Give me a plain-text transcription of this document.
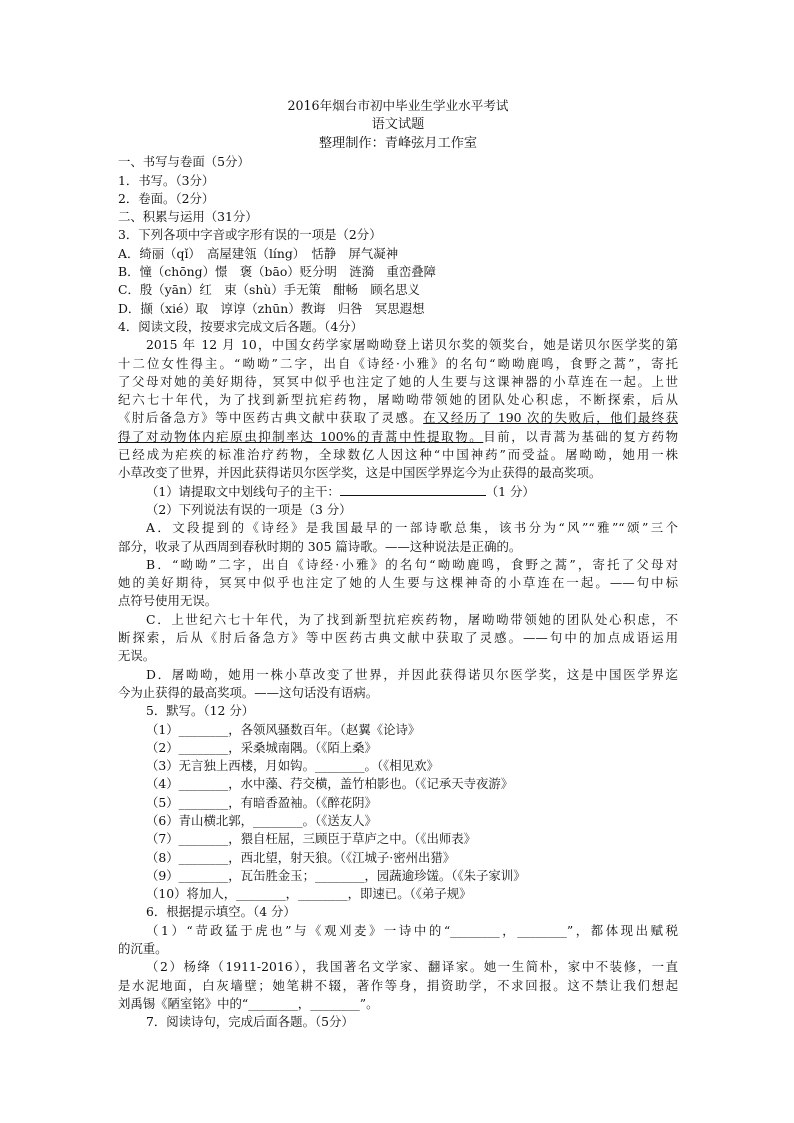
2016年烟台市初中毕业生学业水平考试
语文试题
整理制作：青峰弦月工作室
一、书写与卷面（5分）
1．书写。（3分）
2．卷面。（2分）
二、积累与运用（31分）
3．下列各项中字音或字形有误的一项是（2分）
A．绮丽（qǐ）　高屋建瓴（líng）　恬静　屏气凝神
B．憧（chōng）憬　褒（bāo）贬分明　涟漪　重峦叠障
C．殷（yān）红　束（shù）手无策　酣畅　顾名思义
D．撷（xié）取　谆谆（zhūn）教诲　归咎　冥思遐想
4．阅读文段，按要求完成文后各题。（4分）
2015 年 12 月 10，中国女药学家屠呦呦登上诺贝尔奖的领奖台，她是诺贝尔医学奖的第
十二位女性得主。“呦呦”二字，出自《诗经·小雅》的名句“呦呦鹿鸣，食野之蒿”，寄托
了父母对她的美好期待，冥冥中似乎也注定了她的人生要与这课神器的小草连在一起。上世
纪六七十年代，为了找到新型抗疟药物，屠呦呦带领她的团队处心积虑，不断探索，后从
《肘后备急方》等中医药古典文献中获取了灵感。在又经历了 190 次的失败后，他们最终获
得了对动物体内疟原虫抑制率达 100%的青蒿中性提取物。目前，以青蒿为基础的复方药物
已经成为疟疾的标准治疗药物，全球数亿人因这种“中国神药”而受益。屠呦呦，她用一株
小草改变了世界，并因此获得诺贝尔医学奖，这是中国医学界迄今为止获得的最高奖项。
（1）请提取文中划线句子的主干：	（1 分）
（2）下列说法有误的一项是（3 分）
A．文段提到的《诗经》是我国最早的一部诗歌总集，该书分为“风”“雅”“颂”三个
部分，收录了从西周到春秋时期的 305 篇诗歌。——这种说法是正确的。
B．“呦呦”二字，出自《诗经·小雅》的名句“呦呦鹿鸣，食野之蒿”，寄托了父母对
她的美好期待，冥冥中似乎也注定了她的人生要与这棵神奇的小草连在一起。——句中标
点符号使用无误。
C．上世纪六七十年代，为了找到新型抗疟疾药物，屠呦呦带领她的团队处心积虑，不
断探索，后从《肘后备急方》等中医药古典文献中获取了灵感。——句中的加点成语运用
无误。
D．屠呦呦，她用一株小草改变了世界，并因此获得诺贝尔医学奖，这是中国医学界迄
今为止获得的最高奖项。——这句话没有语病。
5．默写。（12 分）
（1）________，各领风骚数百年。（赵翼《论诗》
（2）________，采桑城南隅。（《陌上桑》
（3）无言独上西楼，月如钩。________。（《相见欢》
（4）________，水中藻、荇交横，盖竹柏影也。（《记承天寺夜游》
（5）________，有暗香盈袖。（《醉花阴》
（6）青山横北郭，________。（《送友人》
（7）________，猥自枉屈，三顾臣于草庐之中。（《出师表》
（8）________，西北望，射天狼。（《江城子·密州出猎》
（9）________，瓦缶胜金玉；________，园蔬逾珍馐。（《朱子家训》
（10）将加人，________，________，即速已。（《弟子规》
6．根据提示填空。（4 分）
（1）“苛政猛于虎也”与《观刈麦》一诗中的“________，________”，都体现出赋税
的沉重。
（2）杨绛（1911-2016），我国著名文学家、翻译家。她一生简朴，家中不装修，一直
是水泥地面，白灰墙壁；她笔耕不辍，著作等身，捐资助学，不求回报。这不禁让我们想起
刘禹锡《陋室铭》中的“________，________”。
7．阅读诗句，完成后面各题。（5分）
